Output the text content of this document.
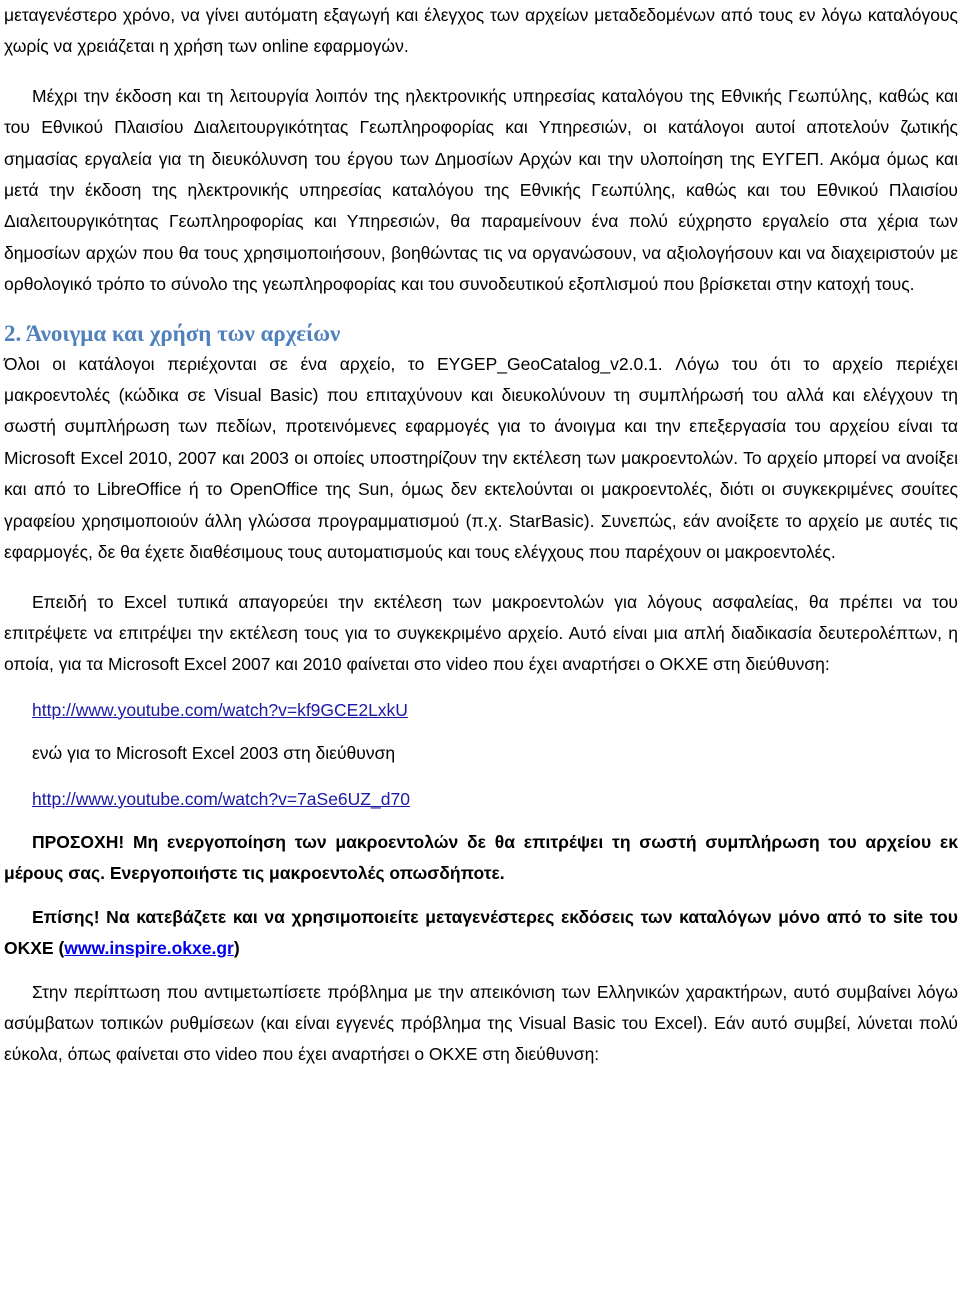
μεταγενέστερο χρόνο, να γίνει αυτόματη εξαγωγή και έλεγχος των αρχείων μεταδεδομένων από τους εν λόγω καταλόγους χωρίς να χρειάζεται η χρήση των online εφαρμογών.

Μέχρι την έκδοση και τη λειτουργία λοιπόν της ηλεκτρονικής υπηρεσίας καταλόγου της Εθνικής Γεωπύλης, καθώς και του Εθνικού Πλαισίου Διαλειτουργικότητας Γεωπληροφορίας και Υπηρεσιών, οι κατάλογοι αυτοί αποτελούν ζωτικής σημασίας εργαλεία για τη διευκόλυνση του έργου των Δημοσίων Αρχών και την υλοποίηση της ΕΥΓΕΠ. Ακόμα όμως και μετά την έκδοση της ηλεκτρονικής υπηρεσίας καταλόγου της Εθνικής Γεωπύλης, καθώς και του Εθνικού Πλαισίου Διαλειτουργικότητας Γεωπληροφορίας και Υπηρεσιών, θα παραμείνουν ένα πολύ εύχρηστο εργαλείο στα χέρια των δημοσίων αρχών που θα τους χρησιμοποιήσουν, βοηθώντας τις να οργανώσουν, να αξιολογήσουν και να διαχειριστούν με ορθολογικό τρόπο το σύνολο της γεωπληροφορίας και του συνοδευτικού εξοπλισμού που βρίσκεται στην κατοχή τους.

2. Άνοιγμα και χρήση των αρχείων

Όλοι οι κατάλογοι περιέχονται σε ένα αρχείο, το EYGEP_GeoCatalog_v2.0.1. Λόγω του ότι το αρχείο περιέχει μακροεντολές (κώδικα σε Visual Basic) που επιταχύνουν και διευκολύνουν τη συμπλήρωσή του αλλά και ελέγχουν τη σωστή συμπλήρωση των πεδίων, προτεινόμενες εφαρμογές για το άνοιγμα και την επεξεργασία του αρχείου είναι τα Microsoft Excel 2010, 2007 και 2003 οι οποίες υποστηρίζουν την εκτέλεση των μακροεντολών. Το αρχείο μπορεί να ανοίξει και από το LibreOffice ή το OpenOffice της Sun, όμως δεν εκτελούνται οι μακροεντολές, διότι οι συγκεκριμένες σουίτες γραφείου χρησιμοποιούν άλλη γλώσσα προγραμματισμού (π.χ. StarBasic). Συνεπώς, εάν ανοίξετε το αρχείο με αυτές τις εφαρμογές, δε θα έχετε διαθέσιμους τους αυτοματισμούς και τους ελέγχους που παρέχουν οι μακροεντολές.

Επειδή το Excel τυπικά απαγορεύει την εκτέλεση των μακροεντολών για λόγους ασφαλείας, θα πρέπει να του επιτρέψετε να επιτρέψει την εκτέλεση τους για το συγκεκριμένο αρχείο. Αυτό είναι μια απλή διαδικασία δευτερολέπτων, η οποία, για τα Microsoft Excel 2007 και 2010 φαίνεται στο video που έχει αναρτήσει ο ΟΚΧΕ στη διεύθυνση:

http://www.youtube.com/watch?v=kf9GCE2LxkU

ενώ για το Microsoft Excel 2003 στη διεύθυνση

http://www.youtube.com/watch?v=7aSe6UZ_d70

ΠΡΟΣΟΧΗ! Μη ενεργοποίηση των μακροεντολών δε θα επιτρέψει τη σωστή συμπλήρωση του αρχείου εκ μέρους σας. Ενεργοποιήστε τις μακροεντολές οπωσδήποτε.

Επίσης! Να κατεβάζετε και να χρησιμοποιείτε μεταγενέστερες εκδόσεις των καταλόγων μόνο από το site του ΟΚΧΕ (www.inspire.okxe.gr)

Στην περίπτωση που αντιμετωπίσετε πρόβλημα με την απεικόνιση των Ελληνικών χαρακτήρων, αυτό συμβαίνει λόγω ασύμβατων τοπικών ρυθμίσεων (και είναι εγγενές πρόβλημα της Visual Basic του Excel). Εάν αυτό συμβεί, λύνεται πολύ εύκολα, όπως φαίνεται στο video που έχει αναρτήσει ο ΟΚΧΕ στη διεύθυνση:
